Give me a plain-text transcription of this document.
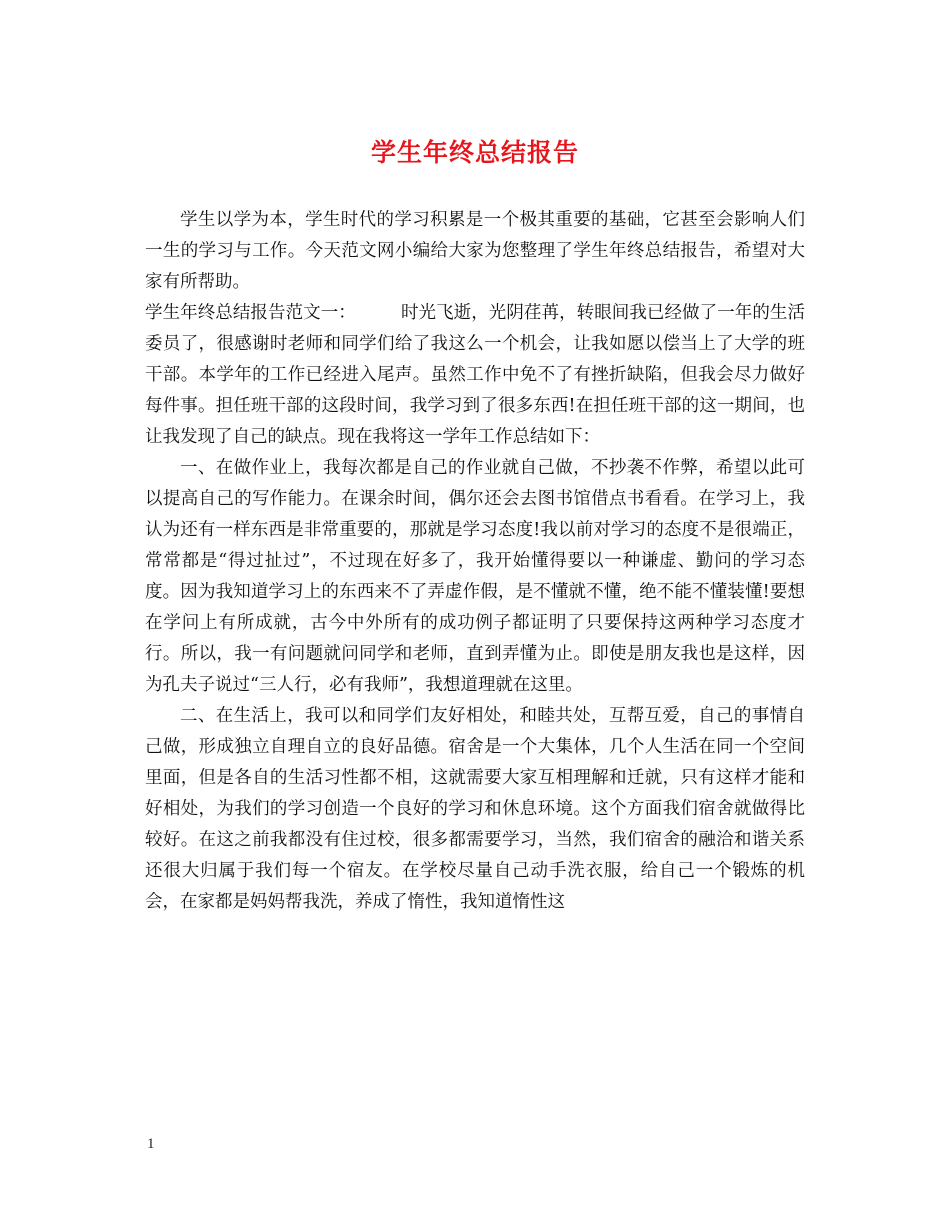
学生年终总结报告

学生以学为本，学生时代的学习积累是一个极其重要的基础，它甚至会影响人们一生的学习与工作。今天范文网小编给大家为您整理了学生年终总结报告，希望对大家有所帮助。

学生年终总结报告范文一：	时光飞逝，光阴荏苒，转眼间我已经做了一年的生活委员了，很感谢时老师和同学们给了我这么一个机会，让我如愿以偿当上了大学的班干部。本学年的工作已经进入尾声。虽然工作中免不了有挫折缺陷，但我会尽力做好每件事。担任班干部的这段时间，我学习到了很多东西!在担任班干部的这一期间，也让我发现了自己的缺点。现在我将这一学年工作总结如下：

一、在做作业上，我每次都是自己的作业就自己做，不抄袭不作弊，希望以此可以提高自己的写作能力。在课余时间，偶尔还会去图书馆借点书看看。在学习上，我认为还有一样东西是非常重要的，那就是学习态度!我以前对学习的态度不是很端正，常常都是“得过扯过”，不过现在好多了，我开始懂得要以一种谦虚、勤问的学习态度。因为我知道学习上的东西来不了弄虚作假，是不懂就不懂，绝不能不懂装懂!要想在学问上有所成就，古今中外所有的成功例子都证明了只要保持这两种学习态度才行。所以，我一有问题就问同学和老师，直到弄懂为止。即使是朋友我也是这样，因为孔夫子说过“三人行，必有我师”，我想道理就在这里。

二、在生活上，我可以和同学们友好相处，和睦共处，互帮互爱，自己的事情自己做，形成独立自理自立的良好品德。宿舍是一个大集体，几个人生活在同一个空间里面，但是各自的生活习性都不相，这就需要大家互相理解和迁就，只有这样才能和好相处，为我们的学习创造一个良好的学习和休息环境。这个方面我们宿舍就做得比较好。在这之前我都没有住过校，很多都需要学习，当然，我们宿舍的融洽和谐关系还很大归属于我们每一个宿友。在学校尽量自己动手洗衣服，给自己一个锻炼的机会，在家都是妈妈帮我洗，养成了惰性，我知道惰性这

1
